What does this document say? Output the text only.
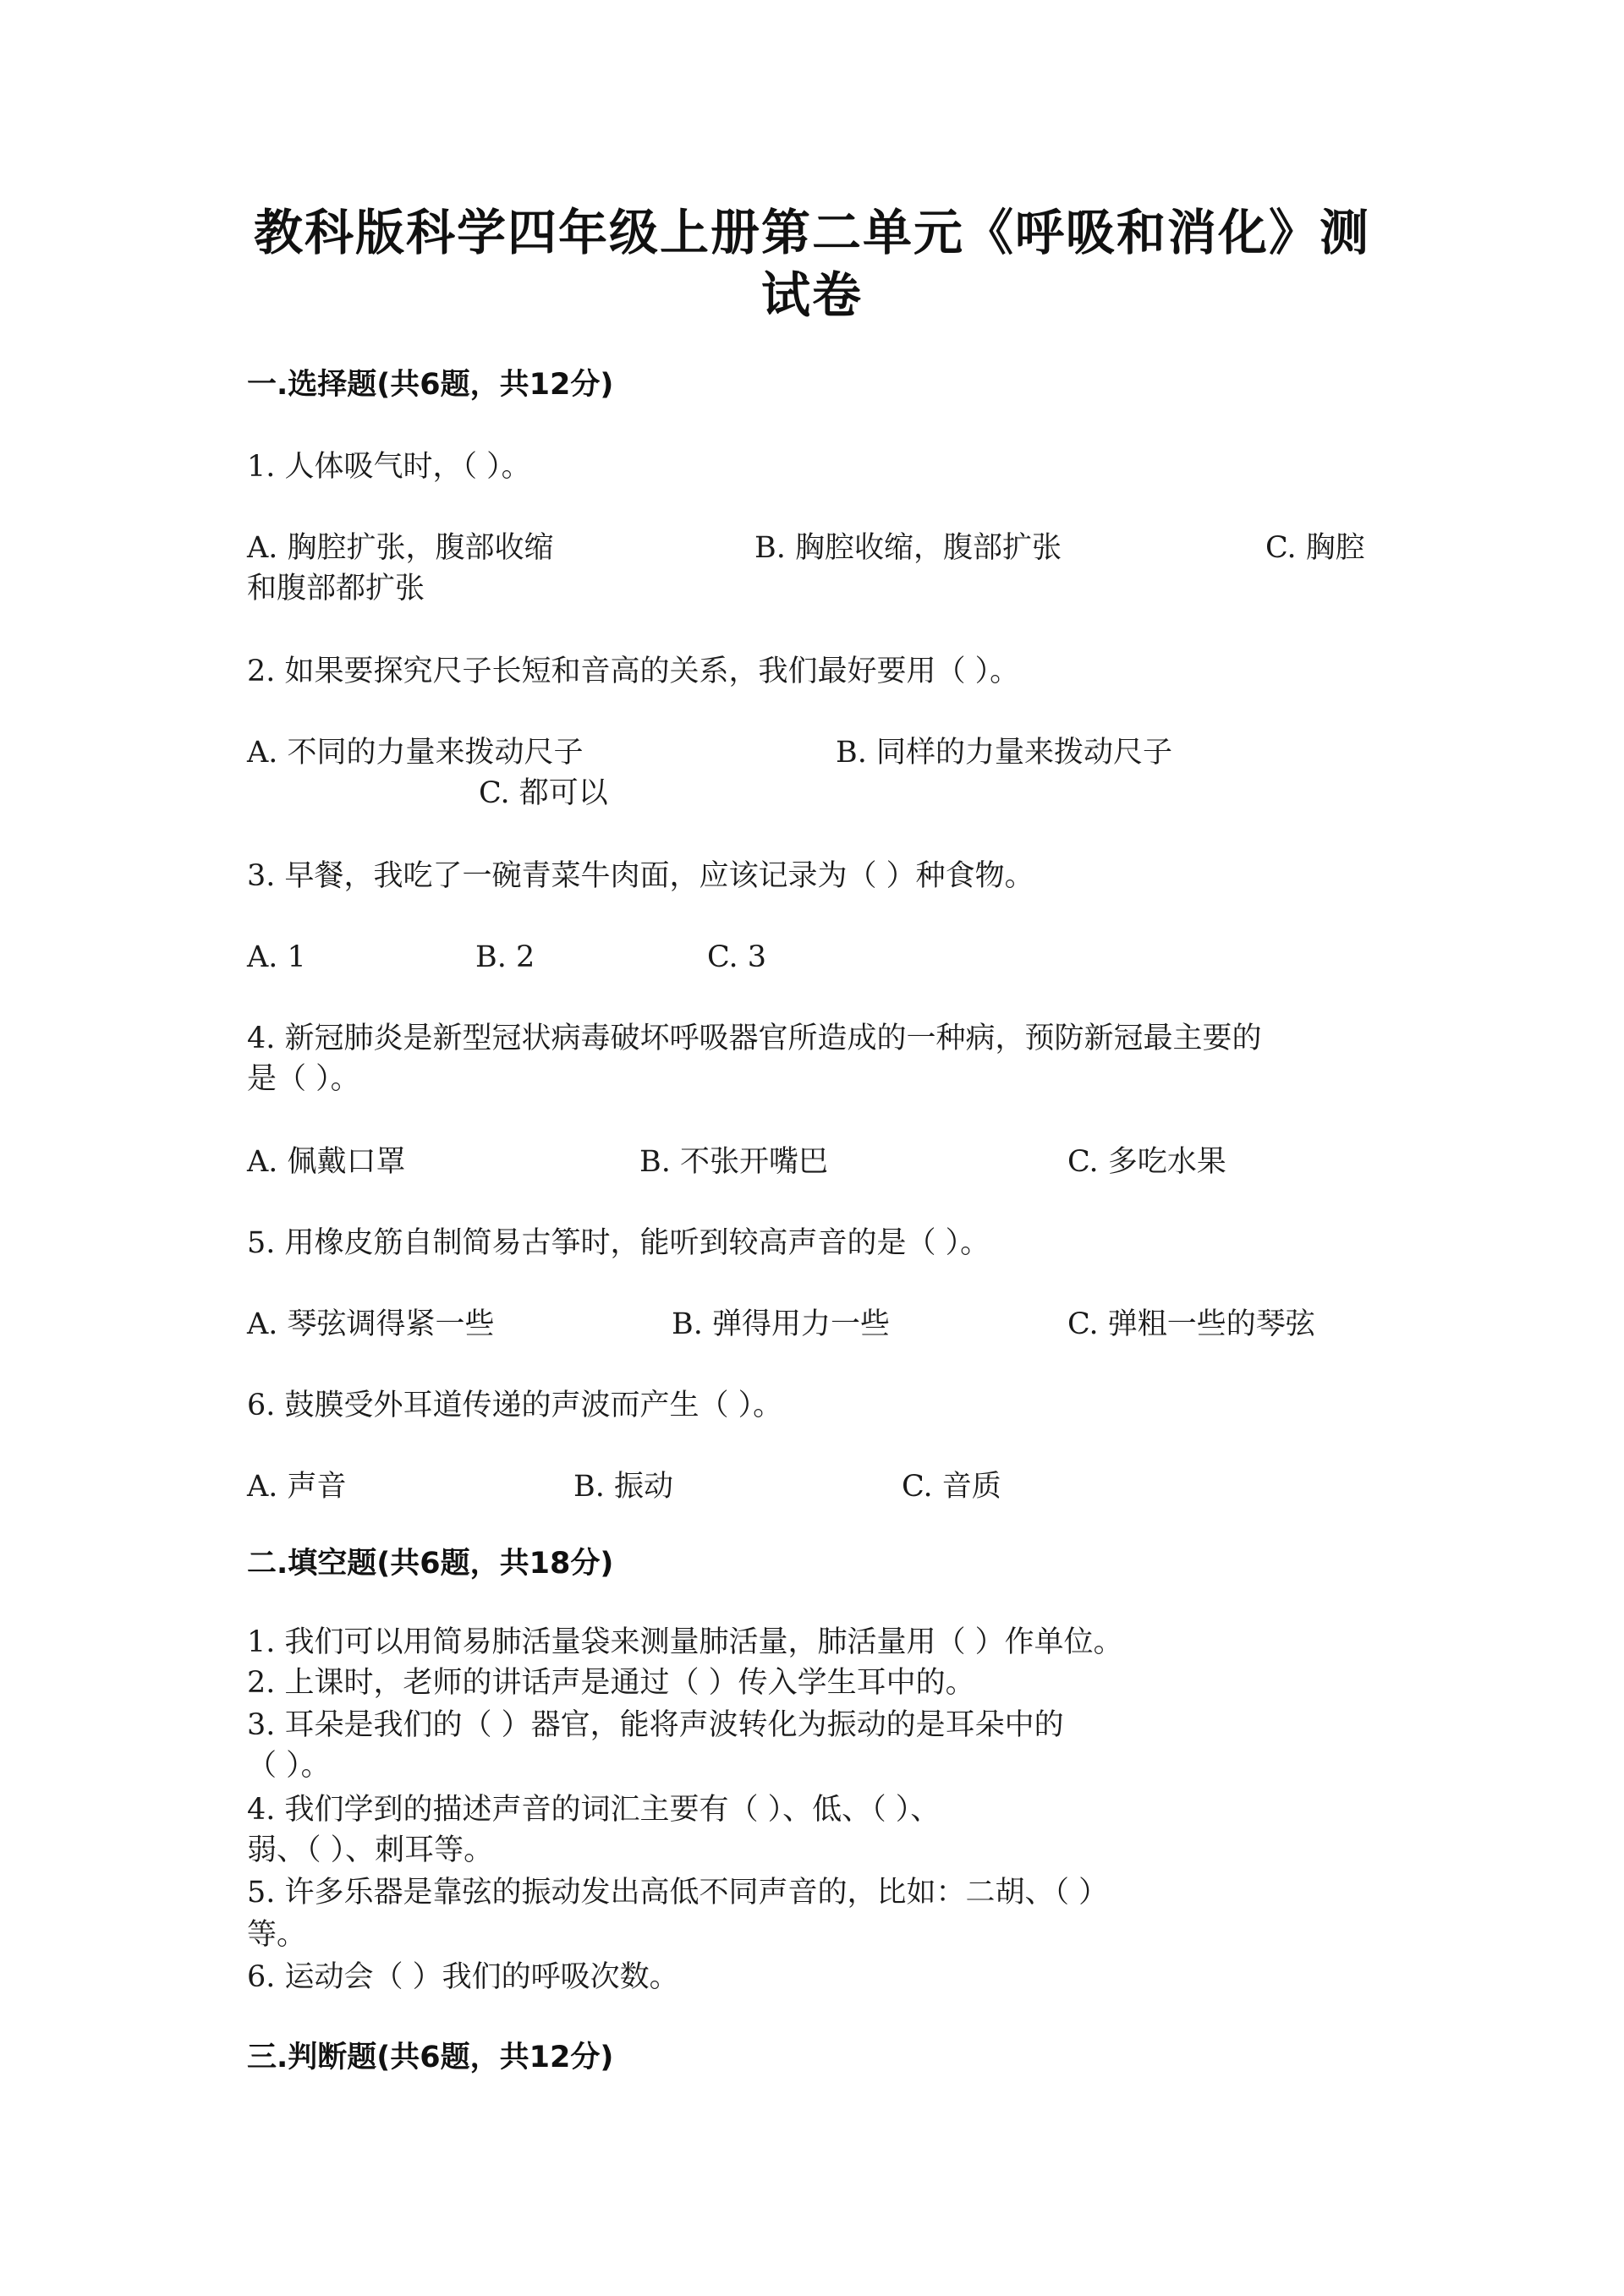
教科版科学四年级上册第二单元《呼吸和消化》测
试卷
一.选择题(共6题，共12分)
1. 人体吸气时，（ ）。
A. 胸腔扩张，腹部收缩	B. 胸腔收缩，腹部扩张	C. 胸腔
和腹部都扩张
2. 如果要探究尺子长短和音高的关系，我们最好要用（ ）。
A. 不同的力量来拨动尺子	B. 同样的力量来拨动尺子
C. 都可以
3. 早餐，我吃了一碗青菜牛肉面，应该记录为（ ）种食物。
A. 1	B. 2	C. 3
4. 新冠肺炎是新型冠状病毒破坏呼吸器官所造成的一种病，预防新冠最主要的
是（ ）。
A. 佩戴口罩	B. 不张开嘴巴	C. 多吃水果
5. 用橡皮筋自制简易古筝时，能听到较高声音的是（ ）。
A. 琴弦调得紧一些	B. 弹得用力一些	C. 弹粗一些的琴弦
6. 鼓膜受外耳道传递的声波而产生（ ）。
A. 声音	B. 振动	C. 音质
二.填空题(共6题，共18分)
1. 我们可以用简易肺活量袋来测量肺活量，肺活量用（ ）作单位。
2. 上课时，老师的讲话声是通过（ ）传入学生耳中的。
3. 耳朵是我们的（ ）器官，能将声波转化为振动的是耳朵中的
（ ）。
4. 我们学到的描述声音的词汇主要有（ ）、低、（ ）、
弱、（ ）、刺耳等。
5. 许多乐器是靠弦的振动发出高低不同声音的，比如：二胡、（ ）
等。
6. 运动会（ ）我们的呼吸次数。
三.判断题(共6题，共12分)
